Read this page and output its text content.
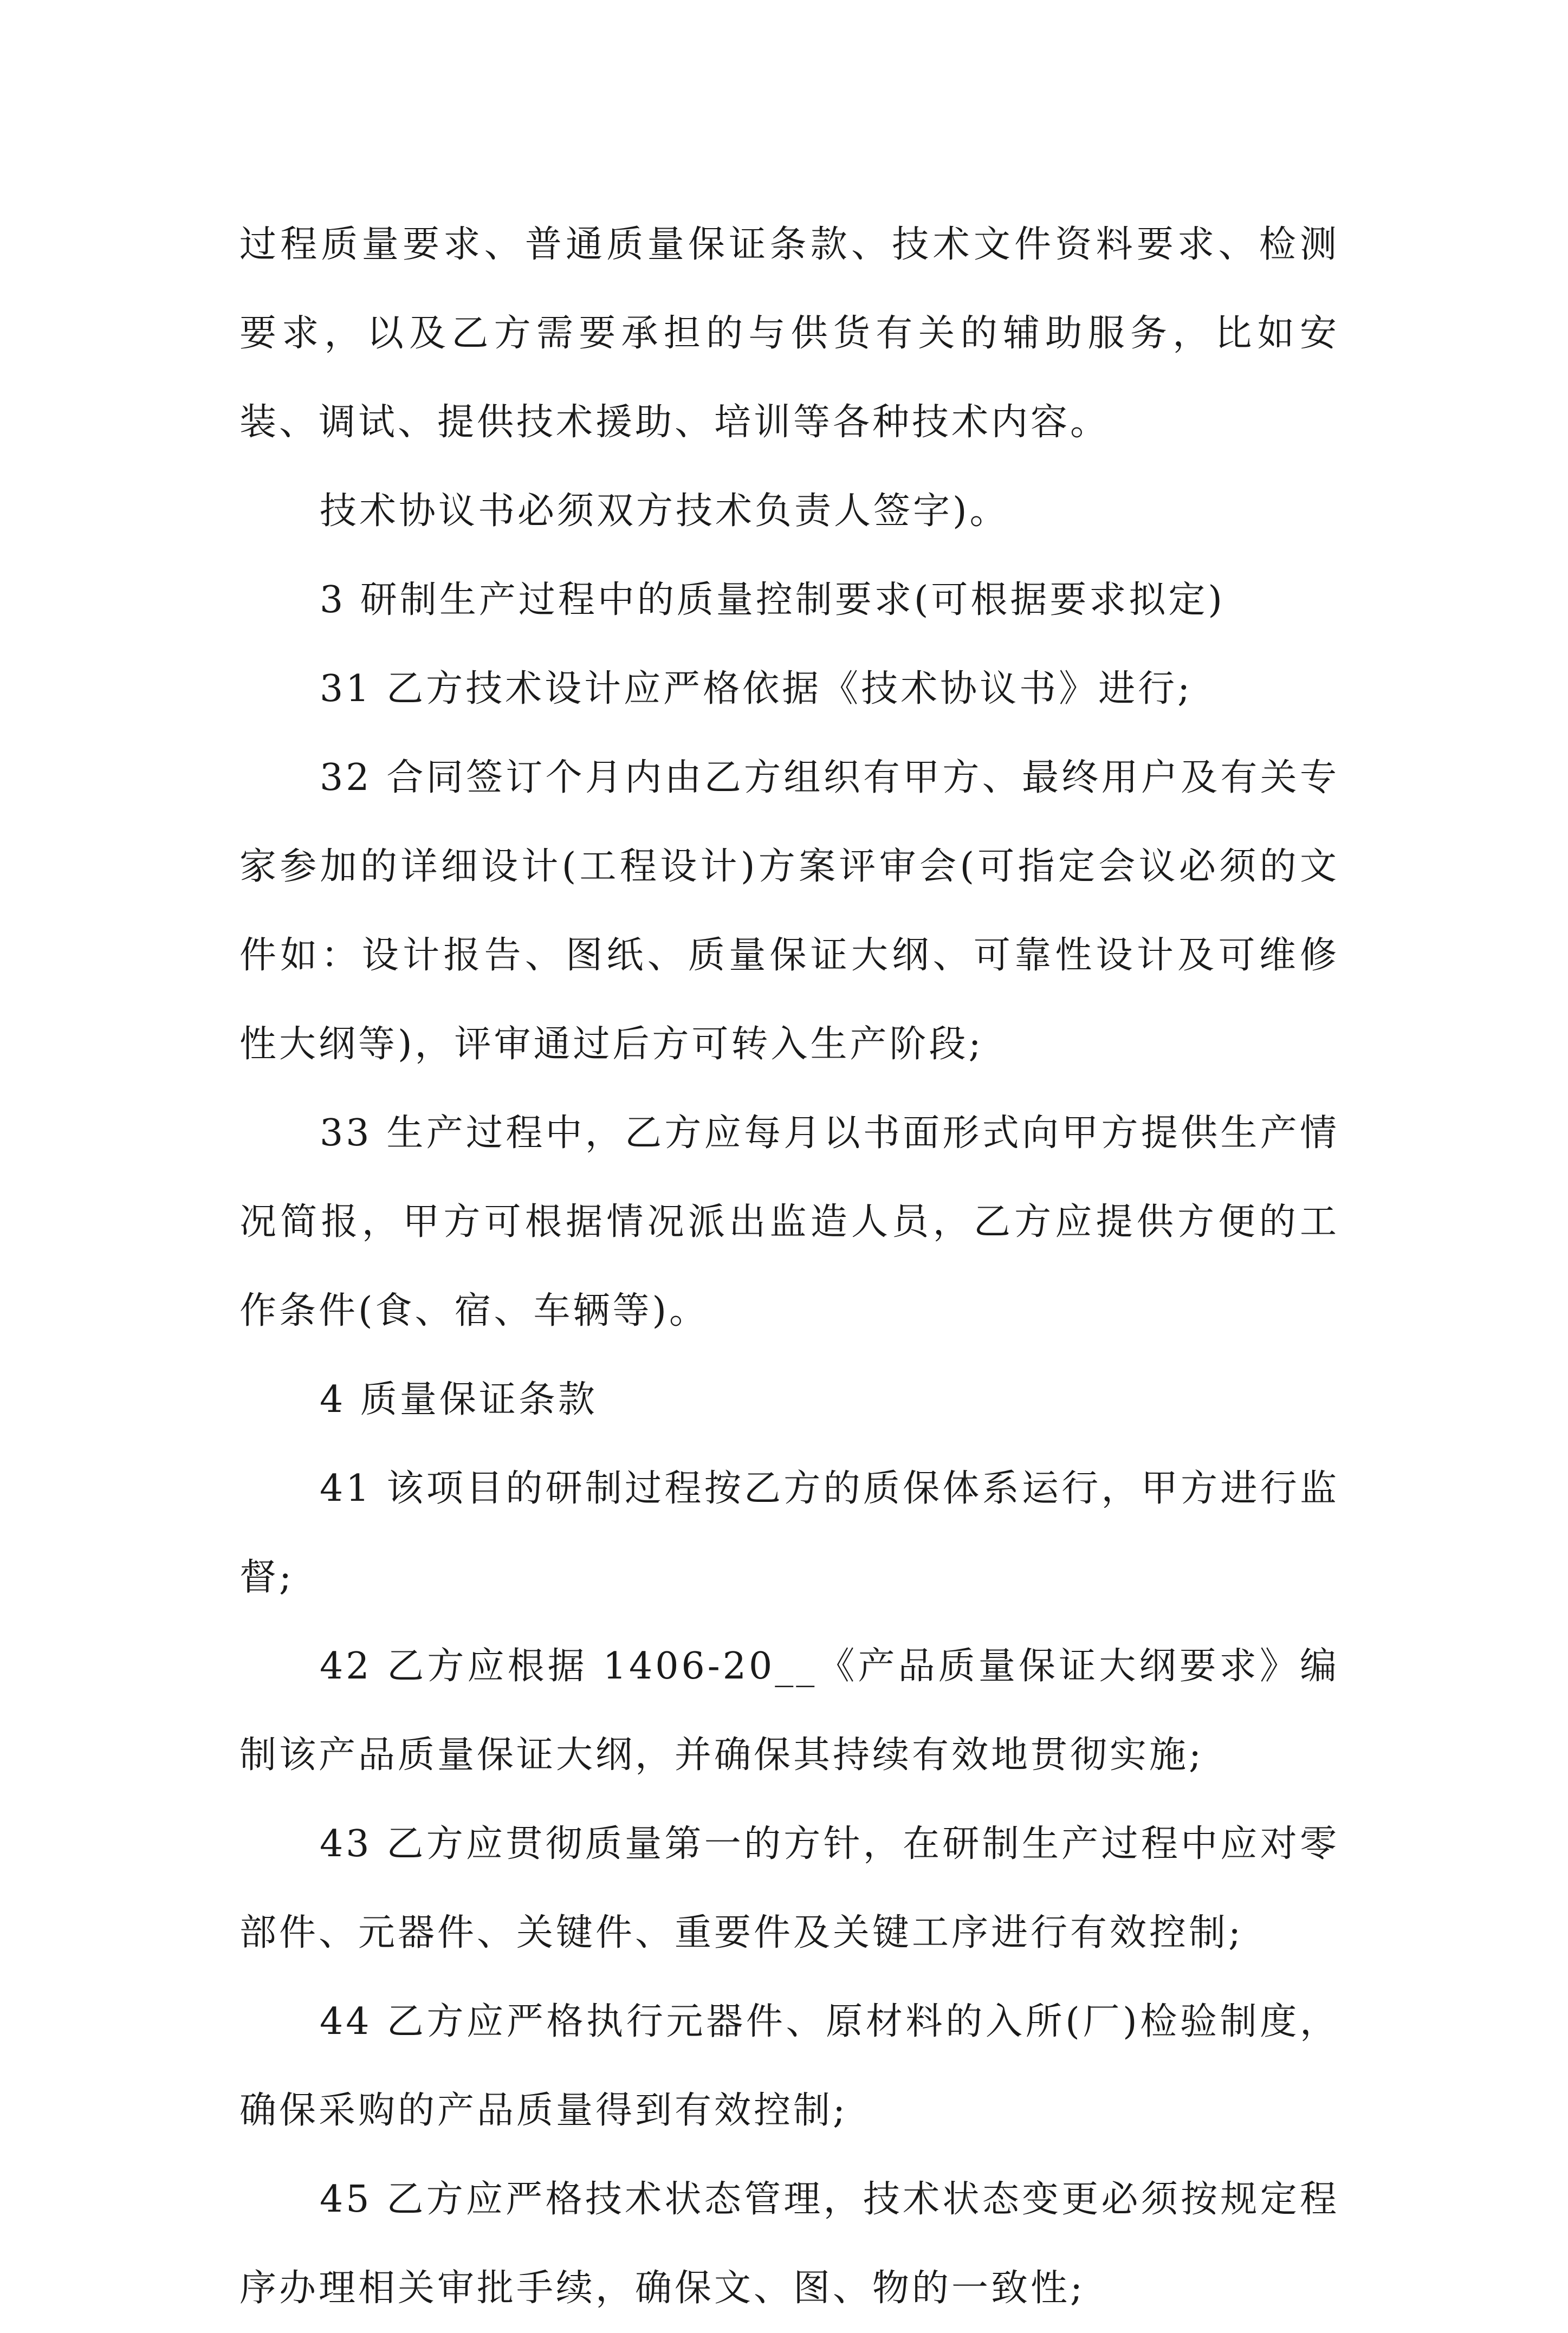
过程质量要求、普通质量保证条款、技术文件资料要求、检测要求，以及乙方需要承担的与供货有关的辅助服务，比如安装、调试、提供技术援助、培训等各种技术内容。

技术协议书必须双方技术负责人签字)。

3 研制生产过程中的质量控制要求(可根据要求拟定)

31 乙方技术设计应严格依据《技术协议书》进行;

32 合同签订个月内由乙方组织有甲方、最终用户及有关专家参加的详细设计(工程设计)方案评审会(可指定会议必须的文件如：设计报告、图纸、质量保证大纲、可靠性设计及可维修性大纲等)，评审通过后方可转入生产阶段;

33 生产过程中，乙方应每月以书面形式向甲方提供生产情况简报，甲方可根据情况派出监造人员，乙方应提供方便的工作条件(食、宿、车辆等)。

4 质量保证条款

41 该项目的研制过程按乙方的质保体系运行，甲方进行监督;

42 乙方应根据 1406-20__《产品质量保证大纲要求》编制该产品质量保证大纲，并确保其持续有效地贯彻实施;

43 乙方应贯彻质量第一的方针，在研制生产过程中应对零部件、元器件、关键件、重要件及关键工序进行有效控制;

44 乙方应严格执行元器件、原材料的入所(厂)检验制度，确保采购的产品质量得到有效控制;

45 乙方应严格技术状态管理，技术状态变更必须按规定程序办理相关审批手续，确保文、图、物的一致性;
